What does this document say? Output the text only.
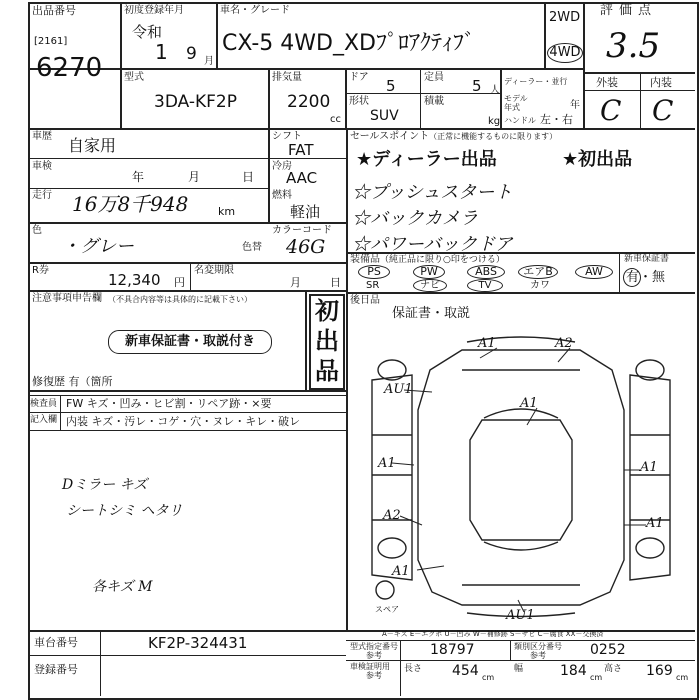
出品番号
[2161]
6270
初度登録年月
令和
1 9 月
車名・グレード
CX-5 4WD_XDﾌﾟﾛｱｸﾃｨﾌﾞ
2WD
4WD
評価点
3.5
型式
3DA-KF2P
排気量
2200
cc
ドア 5	定員 5 人
形状
SUV
積載
kg
ディーラー・並行
モデル年式	年
ハンドル 左・右
外装	内装
C C
車歴 自家用
車検
年	月	日
走行 16万8千948	km
シフト
FAT
冷房
AAC
燃料
軽油
色
・グレー	色替
カラーコード
46G
R券
12,340 円
名変期限
月	日
セールスポイント（正常に機能するものに限ります）
★ディーラー出品	★初出品
☆プッシュスタート
☆バックカメラ
☆パワーバックドア
装備品（純正品に限り○印をつける）
PS	PW	ABS	エアB	AW
SR	ナビ	TV	カワ
新車保証書
有・無
注意事項申告欄 （不具合内容等は具体的に記載下さい）
新車保証書・取説付き
初
出
品
修復歴 有（箇所
後日品
保証書・取説
検査員
記入欄
FW キズ・凹み・ヒビ割・リペア跡・×要
内装 キズ・汚レ・コゲ・穴・ヌレ・キレ・破レ
Dミラー キズ
シートシミ ヘタリ
各キズ M
A1	A2
AU1
A1
A1	A1
A2
A1
AU1
A1
スペア
A－キズ E－エクボ U－凹み W－補修跡 S－サビ C－腐食 XX－交換済
車台番号	KF2P-324431
登録番号
型式指定番号
参考	18797	類別区分番号
参考	0252
車検証明用
参考
長さ 454 cm
幅	184 cm
高さ 169 cm
